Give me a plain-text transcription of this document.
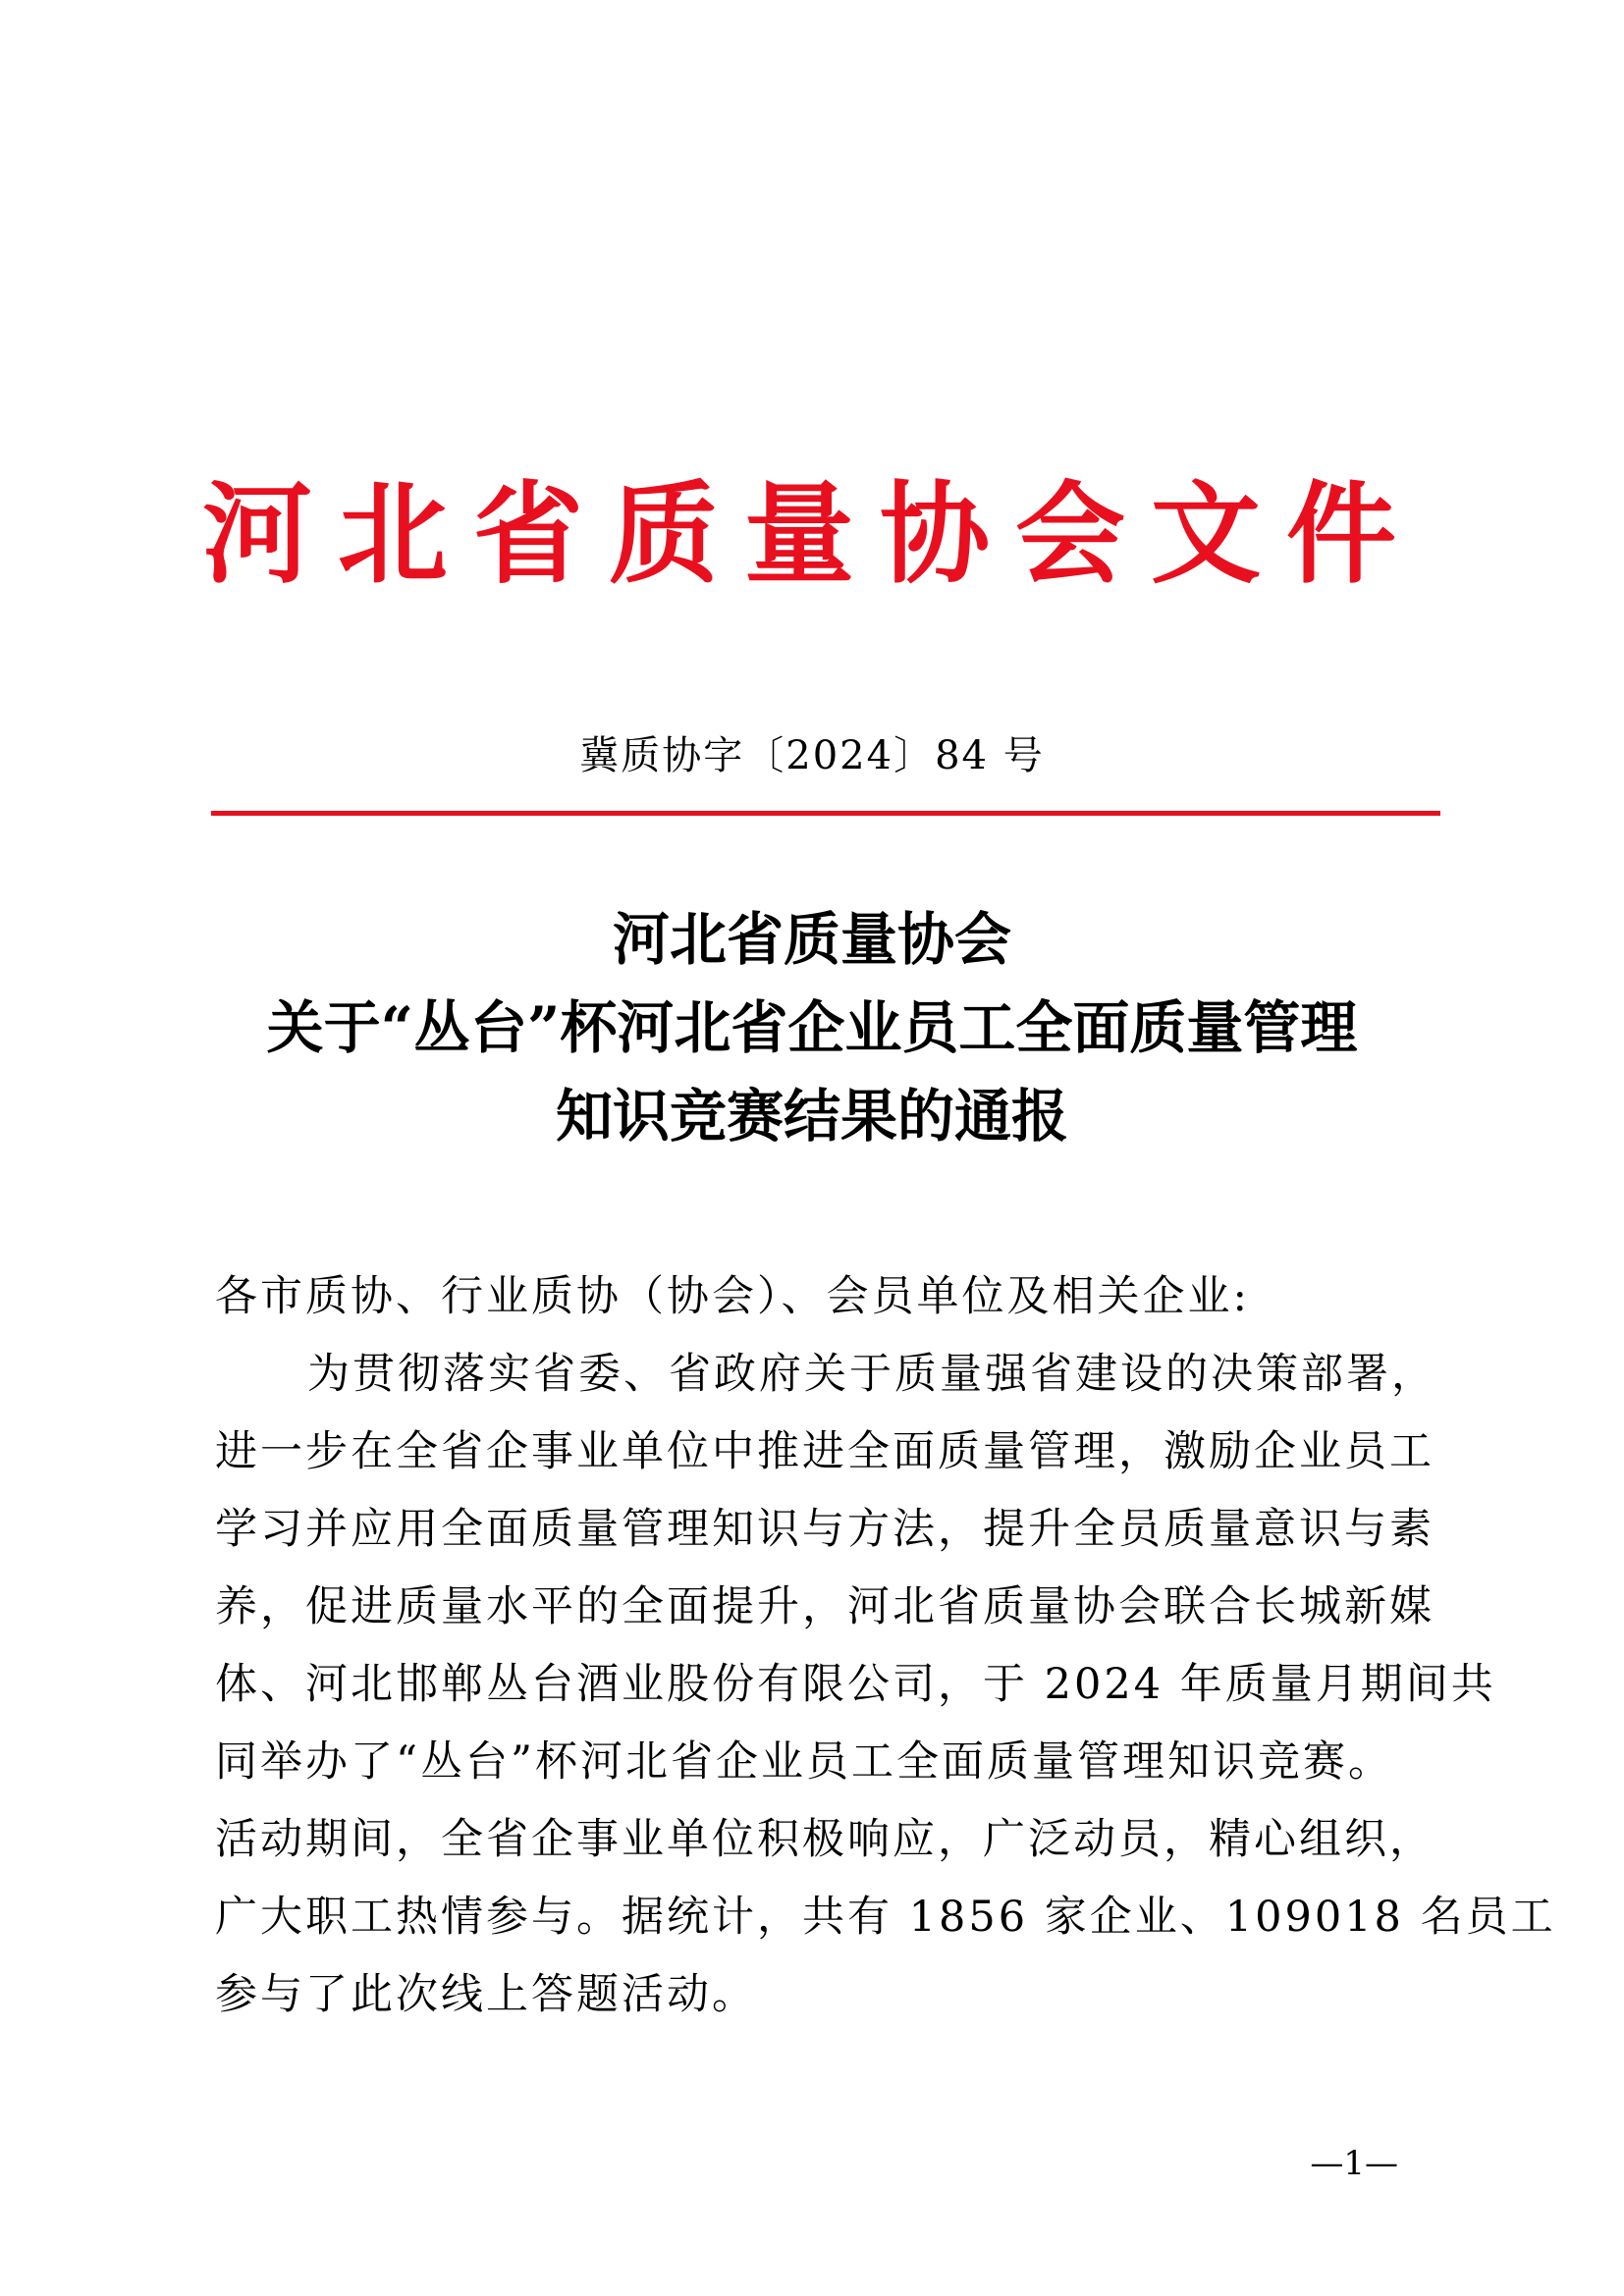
河北省质量协会文件
冀质协字〔2024〕84 号
河北省质量协会
关于“丛台”杯河北省企业员工全面质量管理
知识竞赛结果的通报
各市质协、行业质协（协会）、会员单位及相关企业:
为贯彻落实省委、省政府关于质量强省建设的决策部署，
进一步在全省企事业单位中推进全面质量管理，激励企业员工
学习并应用全面质量管理知识与方法，提升全员质量意识与素
养，促进质量水平的全面提升，河北省质量协会联合长城新媒
体、河北邯郸丛台酒业股份有限公司，于 2024 年质量月期间共
同举办了“丛台”杯河北省企业员工全面质量管理知识竞赛。
活动期间，全省企事业单位积极响应，广泛动员，精心组织，
广大职工热情参与。据统计，共有 1856 家企业、109018 名员工
参与了此次线上答题活动。
—1—
